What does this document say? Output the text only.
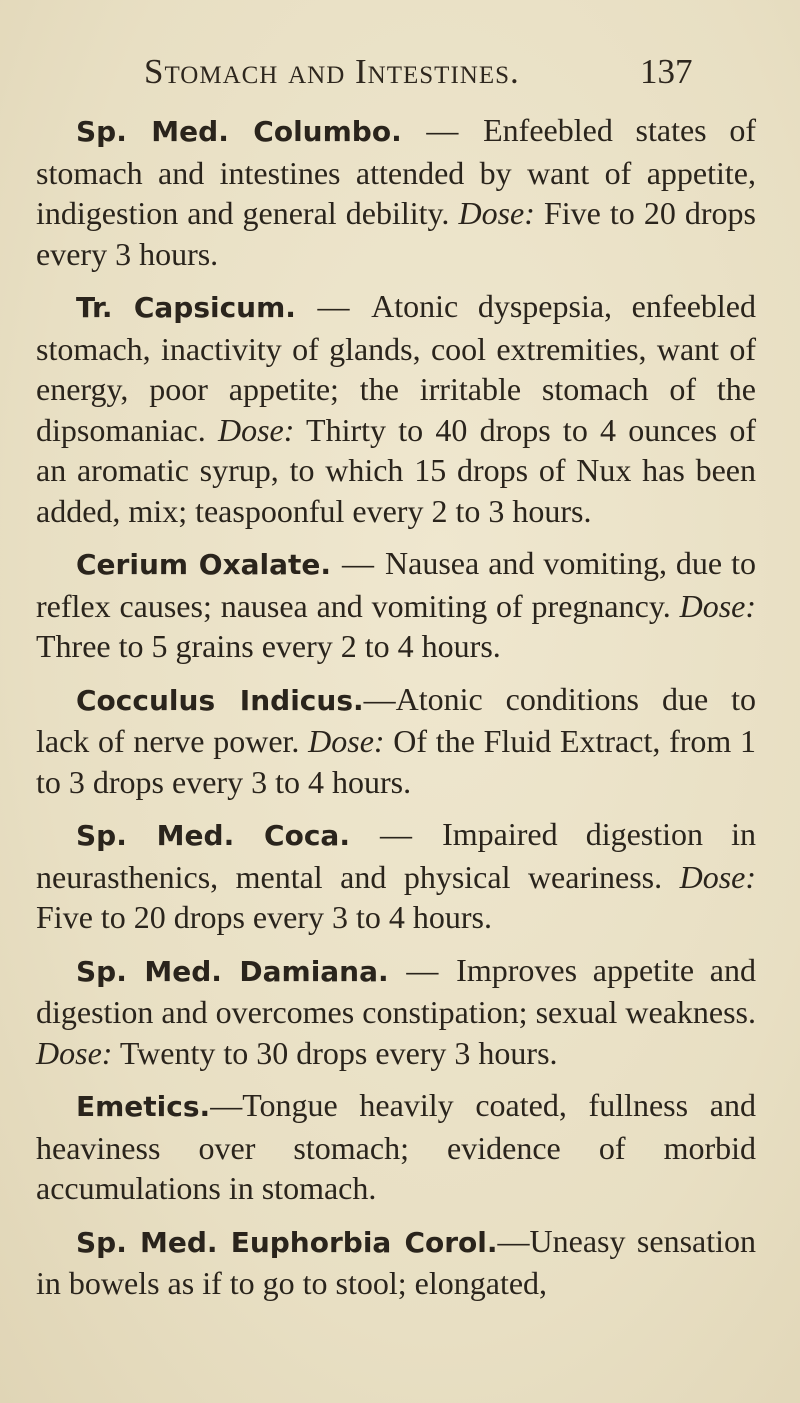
Stomach and Intestines.	137

Sp. Med. Columbo. — Enfeebled states of stomach and intestines attended by want of appetite, indigestion and general debility. Dose: Five to 20 drops every 3 hours.

Tr. Capsicum. — Atonic dyspepsia, enfeebled stomach, inactivity of glands, cool extremities, want of energy, poor appetite; the irritable stomach of the dipsomaniac. Dose: Thirty to 40 drops to 4 ounces of an aromatic syrup, to which 15 drops of Nux has been added, mix; teaspoonful every 2 to 3 hours.

Cerium Oxalate. — Nausea and vomiting, due to reflex causes; nausea and vomiting of pregnancy. Dose: Three to 5 grains every 2 to 4 hours.

Cocculus Indicus.—Atonic conditions due to lack of nerve power. Dose: Of the Fluid Extract, from 1 to 3 drops every 3 to 4 hours.

Sp. Med. Coca. — Impaired digestion in neurasthenics, mental and physical weariness. Dose: Five to 20 drops every 3 to 4 hours.

Sp. Med. Damiana. — Improves appetite and digestion and overcomes constipation; sexual weakness. Dose: Twenty to 30 drops every 3 hours.

Emetics.—Tongue heavily coated, fullness and heaviness over stomach; evidence of morbid accumulations in stomach.

Sp. Med. Euphorbia Corol.—Uneasy sensation in bowels as if to go to stool; elongated,
